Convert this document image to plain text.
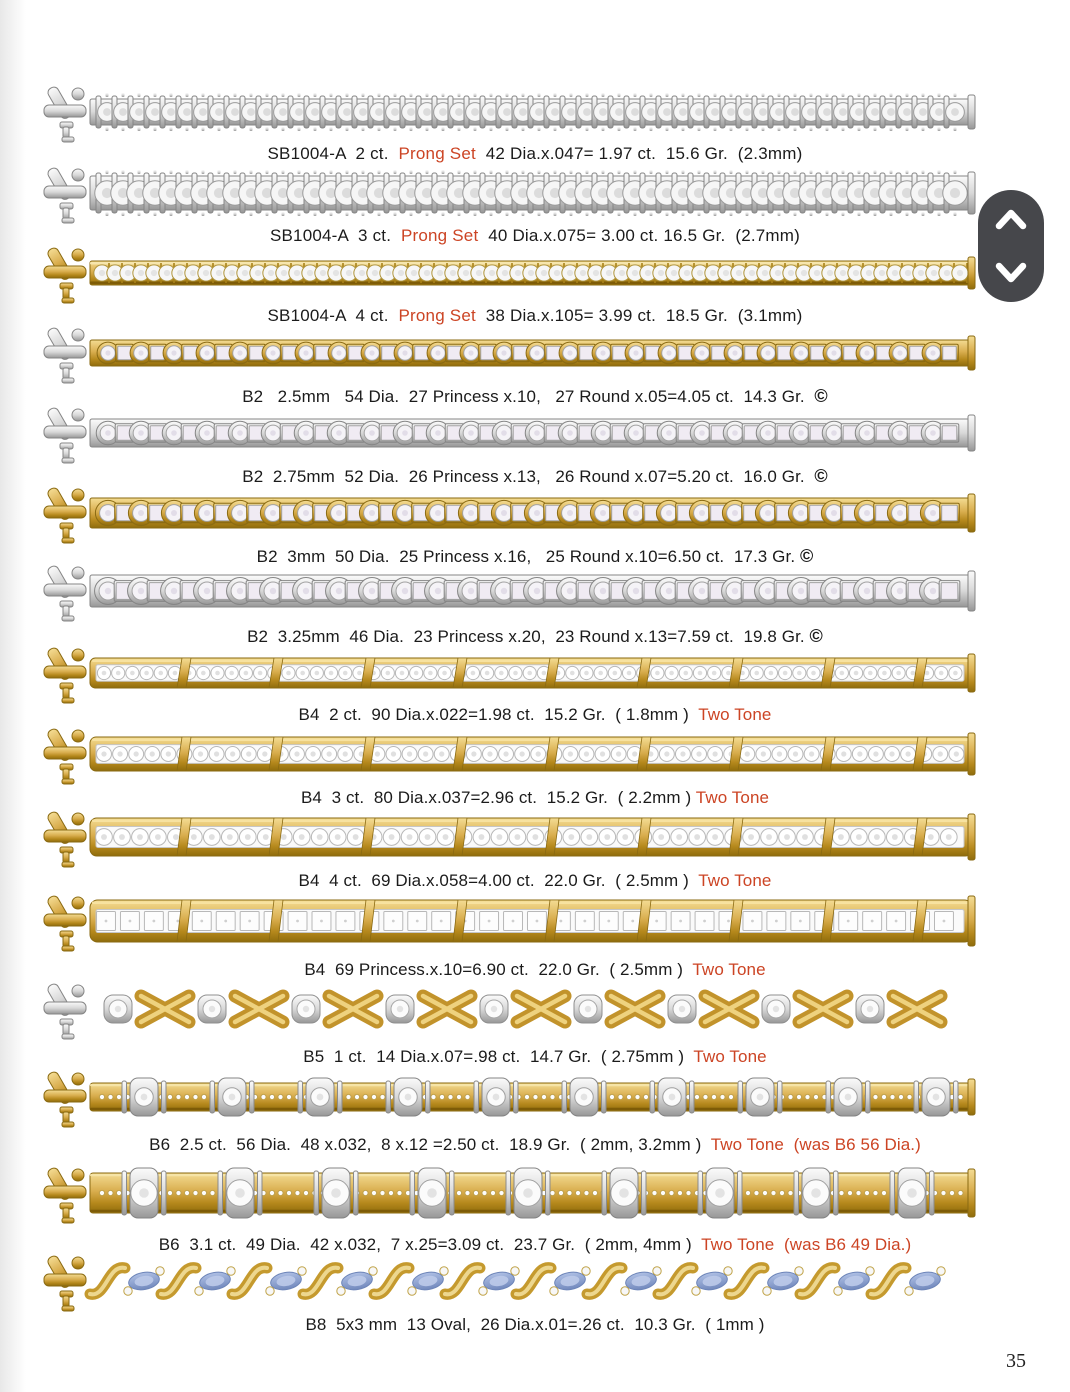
SB1004-A  2 ct.  Prong Set  42 Dia.x.047= 1.97 ct.  15.6 Gr.  (2.3mm)
SB1004-A  3 ct.  Prong Set  40 Dia.x.075= 3.00 ct. 16.5 Gr.  (2.7mm)
SB1004-A  4 ct.  Prong Set  38 Dia.x.105= 3.99 ct.  18.5 Gr.  (3.1mm)
B2   2.5mm   54 Dia.  27 Princess x.10,   27 Round x.05=4.05 ct.  14.3 Gr.  ©
B2  2.75mm  52 Dia.  26 Princess x.13,   26 Round x.07=5.20 ct.  16.0 Gr.  ©
B2  3mm  50 Dia.  25 Princess x.16,   25 Round x.10=6.50 ct.  17.3 Gr. ©
B2  3.25mm  46 Dia.  23 Princess x.20,  23 Round x.13=7.59 ct.  19.8 Gr. ©
B4  2 ct.  90 Dia.x.022=1.98 ct.  15.2 Gr.  ( 1.8mm )  Two Tone
B4  3 ct.  80 Dia.x.037=2.96 ct.  15.2 Gr.  ( 2.2mm ) Two Tone
B4  4 ct.  69 Dia.x.058=4.00 ct.  22.0 Gr.  ( 2.5mm )  Two Tone
B4  69 Princess.x.10=6.90 ct.  22.0 Gr.  ( 2.5mm )  Two Tone
B5  1 ct.  14 Dia.x.07=.98 ct.  14.7 Gr.  ( 2.75mm )  Two Tone
B6  2.5 ct.  56 Dia.  48 x.032,  8 x.12 =2.50 ct.  18.9 Gr.  ( 2mm, 3.2mm )  Two Tone  (was B6 56 Dia.)
B6  3.1 ct.  49 Dia.  42 x.032,  7 x.25=3.09 ct.  23.7 Gr.  ( 2mm, 4mm )  Two Tone  (was B6 49 Dia.)
B8  5x3 mm  13 Oval,  26 Dia.x.01=.26 ct.  10.3 Gr.  ( 1mm )
35
